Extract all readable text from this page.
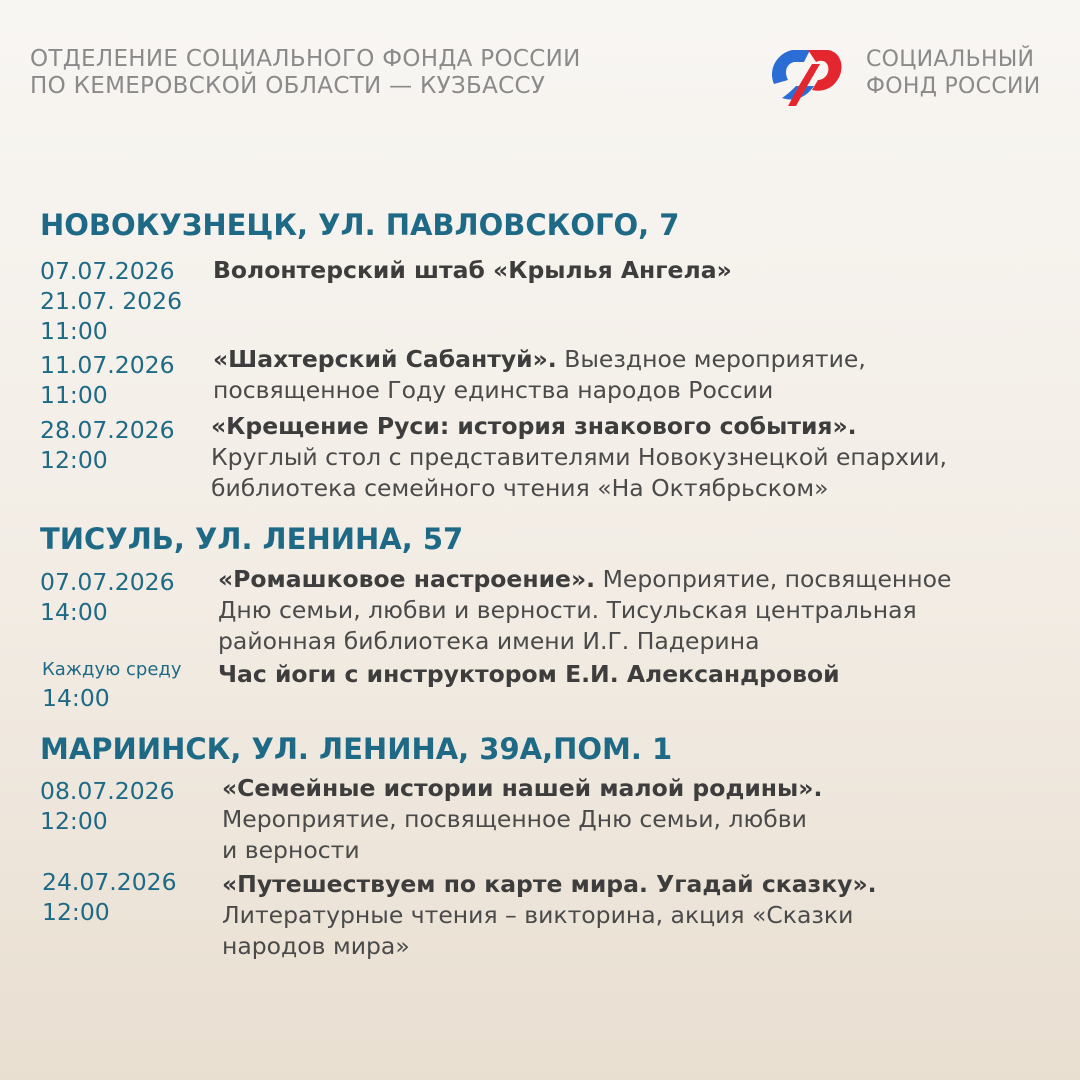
ОТДЕЛЕНИЕ СОЦИАЛЬНОГО ФОНДА РОССИИ
ПО КЕМЕРОВСКОЙ ОБЛАСТИ — КУЗБАССУ
СОЦИАЛЬНЫЙ
ФОНД РОССИИ
НОВОКУЗНЕЦК, УЛ. ПАВЛОВСКОГО, 7
07.07.2026
21.07. 2026
11:00
Волонтерский штаб «Крылья Ангела»
11.07.2026
11:00
«Шахтерский Сабантуй». Выездное мероприятие,
посвященное Году единства народов России
28.07.2026
12:00
«Крещение Руси: история знакового события».
Круглый стол с представителями Новокузнецкой епархии,
библиотека семейного чтения «На Октябрьском»
ТИСУЛЬ, УЛ. ЛЕНИНА, 57
07.07.2026
14:00
«Ромашковое настроение». Мероприятие, посвященное
Дню семьи, любви и верности. Тисульская центральная
районная библиотека имени И.Г. Падерина
Каждую среду
14:00
Час йоги с инструктором Е.И. Александровой
МАРИИНСК, УЛ. ЛЕНИНА, 39А,ПОМ. 1
08.07.2026
12:00
«Семейные истории нашей малой родины».
Мероприятие, посвященное Дню семьи, любви
и верности
24.07.2026
12:00
«Путешествуем по карте мира. Угадай сказку».
Литературные чтения – викторина, акция «Сказки
народов мира»
